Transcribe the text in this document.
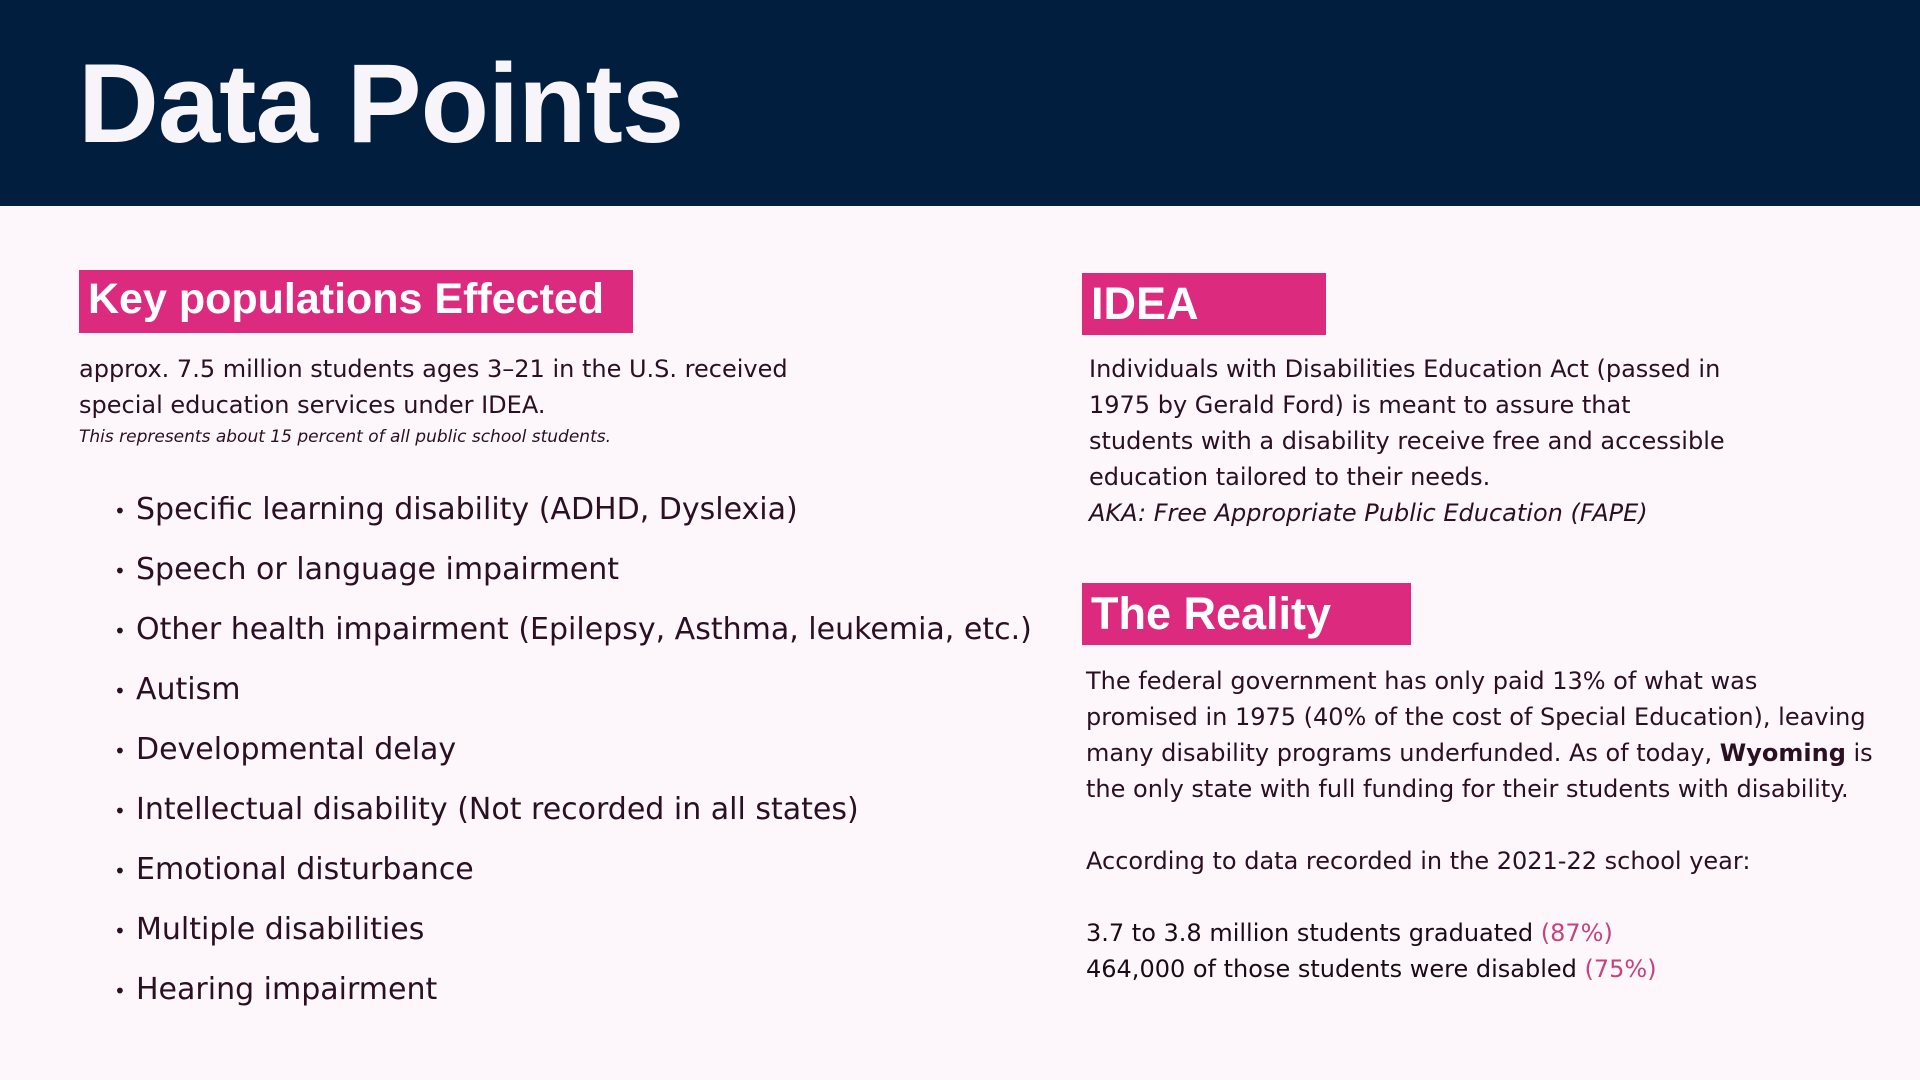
Data Points
Key populations Effected

approx. 7.5 million students ages 3–21 in the U.S. received special education services under IDEA.

This represents about 15 percent of all public school students.

• Specific learning disability (ADHD, Dyslexia)
• Speech or language impairment
• Other health impairment (Epilepsy, Asthma, leukemia, etc.)
• Autism
• Developmental delay
• Intellectual disability (Not recorded in all states)
• Emotional disturbance
• Multiple disabilities
• Hearing impairment
IDEA

Individuals with Disabilities Education Act (passed in 1975 by Gerald Ford) is meant to assure that students with a disability receive free and accessible education tailored to their needs.

AKA: Free Appropriate Public Education (FAPE)

The Reality

The federal government has only paid 13% of what was promised in 1975 (40% of the cost of Special Education), leaving many disability programs underfunded. As of today, Wyoming is the only state with full funding for their students with disability.

According to data recorded in the 2021-22 school year:

3.7 to 3.8 million students graduated (87%)

464,000 of those students were disabled (75%)
